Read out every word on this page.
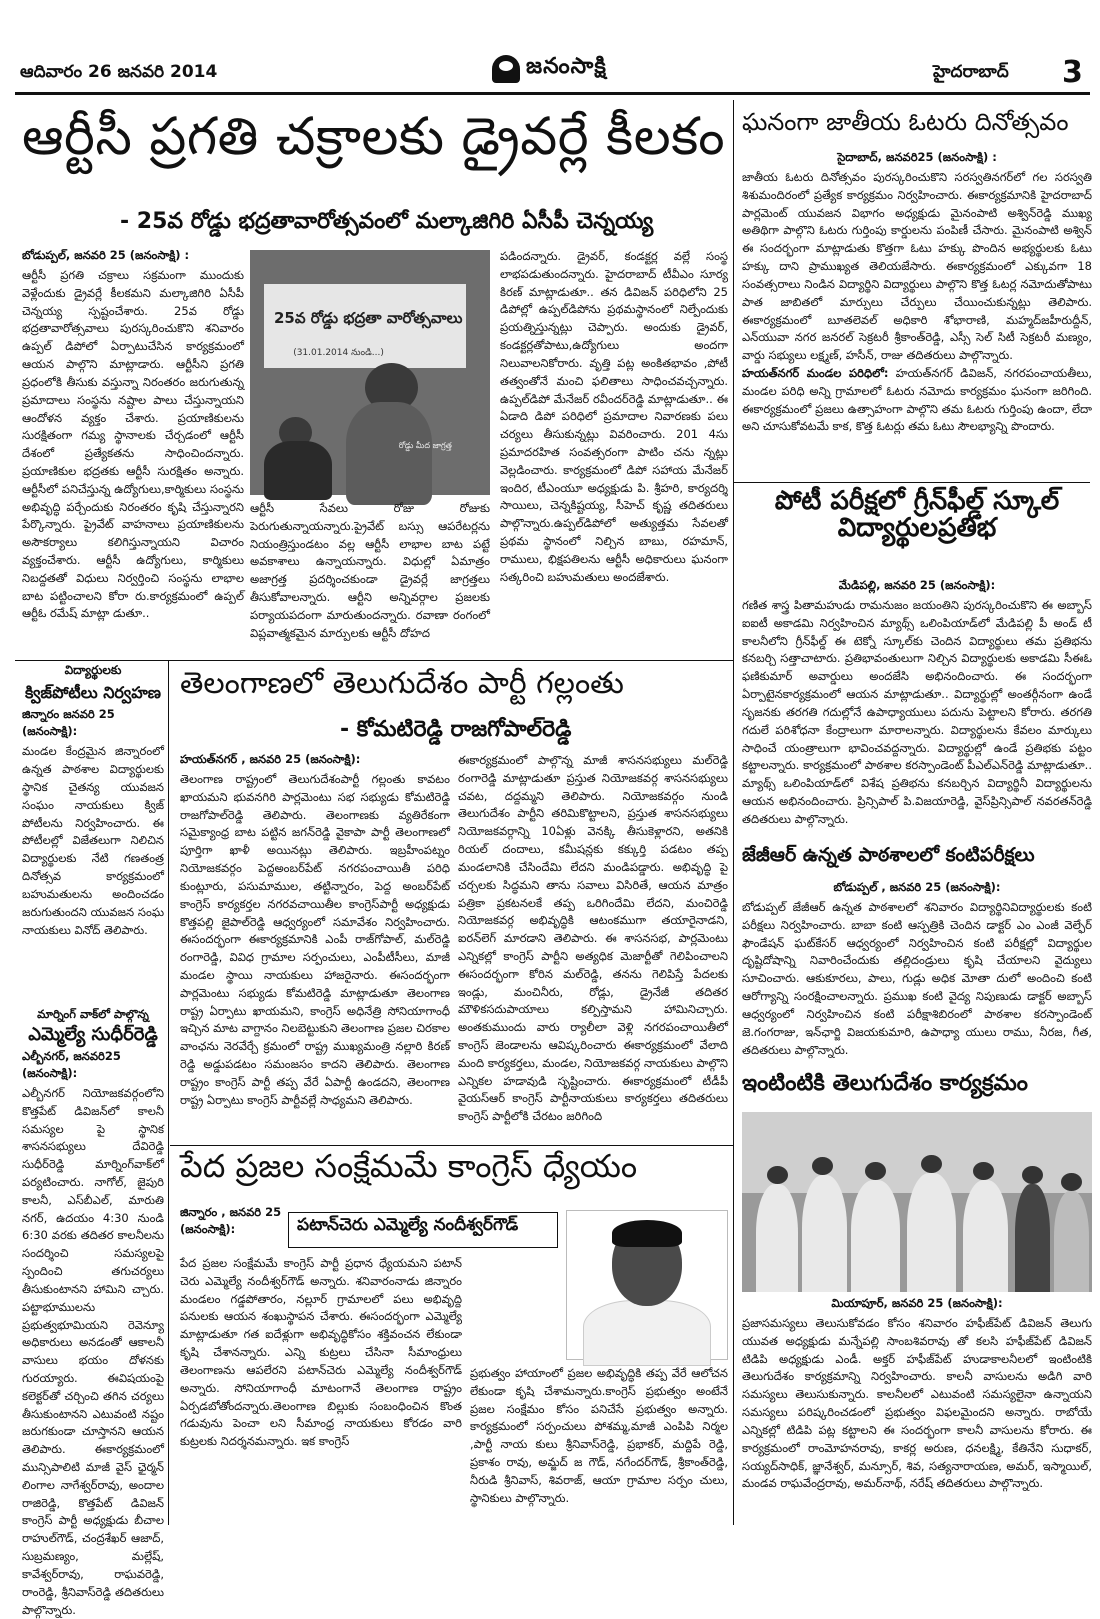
ఆదివారం 26 జనవరి 2014	జనంసాక్షి	హైదరాబాద్ 3
ఆర్టీసీ ప్రగతి చక్రాలకు డ్రైవర్లే కీలకం
- 25వ రోడ్డు భద్రతావారోత్సవంలో మల్కాజిగిరి ఏసీపీ చెన్నయ్య
బోడుప్పల్, జనవరి 25 (జనంసాక్షి) :
ఆర్టీసీ ప్రగతి చక్రాలు సక్రమంగా ముందుకు వెళ్లేందుకు డ్రైవర్లే కీలకమని మల్కాజిగిరి ఏసీపీ చెన్నయ్య స్పష్టంచేశారు. 25వ రోడ్డు భద్రతావారోత్సవాలు పురస్కరించుకొని శనివారం ఉప్పల్ డిపోలో ఏర్పాటుచేసిన కార్యక్రమంలో ఆయన పాల్గొని మాట్లాడారు. ఆర్టీసీని ప్రగతి ప్రధంలోకి తీసుకు వస్తున్నా నిరంతరం జరుగుతున్న ప్రమాదాలు సంస్థను నష్టాల పాలు చేస్తున్నాయని ఆందోళన వ్యక్తం చేశారు. ప్రయాణికులను సురక్షితంగా గమ్య స్థానాలకు చేర్చడంలో ఆర్టీసీ దేశంలో ప్రత్యేకతను సాధించిందన్నారు. ప్రయాణికుల భద్రతకు ఆర్టీసీ సురక్షితం అన్నారు. ఆర్టీసీలో పనిచేస్తున్న ఉద్యోగులు,కార్మికులు సంస్థను అభివృద్ధి పర్చేందుకు నిరంతరం కృషి చేస్తున్నారని పేర్కొన్నారు. ప్రైవేట్ వాహనాలు ప్రయాణికులను అసౌకర్యాలు కలిగిస్తున్నాయని విచారం వ్యక్తంచేశారు. ఆర్టీసీ ఉద్యోగులు, కార్మికులు నిబద్దతతో విధులు నిర్వర్తించి సంస్థను లాభాల బాట పట్టించాలని కోరా రు.కార్యక్రమంలో ఉప్పల్ ఆర్టీఓ రమేష్ మాట్లా డుతూ..
25వ రోడ్డు భద్రతా వారోత్సవాలు
(31.01.2014 నుండి...)
రోడ్డు మీద జాగ్రత్త
ఆర్టీసీ సేవలు రోజు రోజుకు పెరుగుతున్నాయన్నారు.ప్రైవేట్ బస్సు ఆపరేటర్లను నియంత్రిస్తుండటం వల్ల ఆర్టీసీ లాభాల బాట పట్టే అవకాశాలు ఉన్నాయన్నారు. విధుల్లో ఏమాత్రం అజాగ్రత్త ప్రదర్శించకుండా డ్రైవర్లే జాగ్రత్తలు తీసుకోవాలన్నారు. ఆర్టీని అన్నివర్గాల ప్రజలకు పర్యాయపదంగా మారుతుందన్నారు. రవాణా రంగంలో విప్లవాత్మకమైన మార్పులకు ఆర్టీసీ దోహద
పడిందన్నారు. డ్రైవర్, కండక్టర్ల వల్లే సంస్థ లాభపడుతుందన్నారు. హైదరాబాద్ టీవీఎం సూర్య కిరణ్ మాట్లాడుతూ.. తన డివిజన్ పరిధిలోని 25 డిపోల్లో ఉప్పల్‌డిపోను ప్రథమస్థానంలో నిల్పేందుకు ప్రయత్నిస్తున్నట్లు చెప్పారు. అందుకు డ్రైవర్, కండక్టర్లతోపాటు,ఉద్యోగులు అందగా నిలువాలనికోరారు. వృత్తి పట్ల అంకితభావం ,పోటీ తత్వంతోనే మంచి ఫలితాలు సాధించవచ్చన్నారు. ఉప్పల్‌డిపో మేనేజర్ రవీందర్‌రెడ్డి మాట్లాడుతూ.. ఈ ఏడాది డిపో పరిధిలో ప్రమాదాల నివారణకు పలు చర్యలు తీసుకున్నట్లు వివరించారు. 201 4సు ప్రమాదరహిత సంవత్సరంగా పాటిం చను న్నట్లు వెల్లడించారు. కార్యక్రమంలో డిపో సహాయ మేనేజర్ ఇందిర, టీఎంయూ అధ్యక్షుడు పి. శ్రీహరి, కార్యదర్శి సాయిలు, చెన్నకిష్టయ్య, సీహెచ్ కృష్ణ తదితరులు పాల్గొన్నారు.ఉప్పల్‌డిపోలో అత్యుత్తమ సేవలతో ప్రథమ స్థానంలో నిల్చిన బాబు, రహమాన్, రాములు, భిక్షపతిలను ఆర్టీసీ అధికారులు ఘనంగా సత్కరించి బహుమతులు అందజేశారు.
విద్యార్థులకు
క్విజ్‌పోటీలు నిర్వహణ
జిన్నారం జనవరి 25 (జనంసాక్షి):
మండల కేంద్రమైన జిన్నారంలో ఉన్నత పాఠశాల విద్యార్థులకు స్థానిక చైతన్య యువజన సంఘం నాయకులు క్విజ్ పోటీలను నిర్వహించారు. ఈ పోటీలల్లో విజేతలుగా నిలిచిన విద్యార్థులకు నేటి గణతంత్ర దినోత్సవ కార్యక్రమంలో బహుమతులను అందించడం జరుగుతుందని యువజన సంఘ నాయకులు వినోద్ తెలిపారు.
మార్నింగ్ వాక్‌లో పాల్గొన్న
ఎమ్మెల్యే సుధీర్‌రెడ్డి
ఎల్బీనగర్, జనవరి25 (జనంసాక్షి):
ఎల్బీనగర్ నియోజకవర్గంలోని కొత్తపేట్ డివిజన్‌లో కాలనీ సమస్యల పై స్థానిక శాసనసభ్యులు దేవిరెడ్డి సుధీర్‌రెడ్డి మార్నింగ్‌వాక్‌లో పర్యటించారు. నాగోల్, జైపురి కాలనీ, ఎస్‌బీఎల్, మారుతి నగర్, ఉదయం 4:30 నుండి 6:30 వరకు తదితర కాలనీలను సందర్శించి సమస్యలపై స్పందించి తగుచర్యలు తీసుకుంటానని హామిని చ్చారు. పట్టాభూములను ప్రభుత్వభూమియని రెవెన్యూ అధికారులు అనడంతో ఆకాలనీ వాసులు భయం దోళనకు గురయ్యారు. ఈవిషయంపై కలెక్టర్‌తో చర్చించి తగిన చర్యలు తీసుకుంటానని ఎటువంటి నష్టం జరుగకుండా చూస్తానని ఆయన తెలిపారు. ఈకార్యక్రమంలో మున్సిపాలిటి మాజీ వైస్ ఛైర్మన్ లింగాల నాగేశ్వర్‌రావు, అందాల రాజిరెడ్డి, కొత్తపేట్ డివిజన్ కాంగ్రెస్ పార్టీ అధ్యక్షుడు బీచాల రాహుల్‌గౌడ్, చంద్రశేఖర్ ఆజాద్, సుబ్రమణ్యం, మల్లేష్, కావేశ్వర్‌రావు, రాఘవరెడ్డి, రాంరెడ్డి, శ్రీనివాస్‌రెడ్డి తదితరులు పాల్గొన్నారు.
తెలంగాణలో తెలుగుదేశం పార్టీ గల్లంతు
- కోమటిరెడ్డి రాజగోపాల్‌రెడ్డి
హయత్‌నగర్ , జనవరి 25 (జనంసాక్షి):
తెలంగాణ రాష్ట్రంలో తెలుగుదేశంపార్టీ గల్లంతు కావటం ఖాయమని భువనగిరి పార్లమెంటు సభ సభ్యుడు కోమటిరెడ్డి రాజగోపాల్‌రెడ్డి తెలిపారు. తెలంగాణకు వ్యతిరేకంగా సమైక్యాంధ్ర బాట పట్టిన జగన్‌రెడ్డి వైకాపా పార్టీ తెలంగాణలో పూర్తిగా ఖాళీ అయినట్లు తెలిపారు. ఇబ్రహీంపట్నం నియోజకవర్గం పెద్దఅంబర్‌పేట్ నగరపంచాయితీ పరిధి కుంట్లూరు, పసుమాముల, తట్టిన్నారం, పెద్ద అంబర్‌పేట్ కాంగ్రెస్ కార్యకర్తల నగరవచాయితీల కాంగ్రెస్‌పార్టీ అధ్యక్షుడు కొత్తపల్లి జైపాల్‌రెడ్డి ఆధ్వర్యంలో సమావేశం నిర్వహించారు. ఈసందర్భంగా ఈకార్యక్రమానికి ఎంపీ రాజ్‌గోపాల్, మల్‌రెడ్డి రంగారెడ్డి, వివిధ గ్రామాల సర్పంచులు, ఎంపీటీసీలు, మాజీ మండల స్థాయి నాయకులు హాజరైనారు. ఈసందర్భంగా పార్లమెంటు సభ్యుడు కోమటిరెడ్డి మాట్లాడుతూ తెలంగాణ రాష్ట్ర ఏర్పాటు ఖాయమని, కాంగ్రెస్ అధినేత్రి సోనియాగాంధీ ఇచ్చిన మాట వాగ్దానం నిలబెట్టుకుని తెలంగాణ ప్రజల చిరకాల వాంఛను నెరవేర్చే క్రమంలో రాష్ట్ర ముఖ్యమంత్రి నల్లారి కిరణ్ రెడ్డి అడ్డుపడటం సమంజసం కాదని తెలిపారు. తెలంగాణ రాష్ట్రం కాంగ్రెస్ పార్టీ తప్ప వేరే ఏపార్టీ ఉండదని, తెలంగాణ రాష్ట్ర ఏర్పాటు కాంగ్రెస్ పార్టీవల్లే సాధ్యమని తెలిపారు.
ఈకార్యక్రమంలో పాల్గొన్న మాజీ శాసనసభ్యులు మల్‌రెడ్డి రంగారెడ్డి మాట్లాడుతూ ప్రస్తుత నియోజకవర్గ శాసనసభ్యులు చవట, దద్దమ్మని తెలిపారు. నియోజకవర్గం నుండి తెలుగుదేశం పార్టీని తరిమికొట్టాలని, ప్రస్తుత శాసనసభ్యులు నియోజకవర్గాన్ని 10ఏళ్లు వెనక్కి తీసుకెళ్లారని, అతనికి రియల్ దందాలు, కమీషన్లకు కక్కుర్తి పడటం తప్ప మండలానికి చేసిందేమి లేదని మండిపడ్డారు. అభివృద్ధి పై చర్చలకు సిద్ధమని తాను సవాలు విసిరితే, ఆయన మాత్రం పత్రికా ప్రకటనలకే తప్ప ఒరిగిందేమి లేదని, మంచిరెడ్డి నియోజకవర్గ అభివృద్ధికి ఆటంకముగా తయారైనాడని, ఐరన్‌లెగ్ మారడాని తెలిపారు. ఈ శాసనసభ, పార్లమెంటు ఎన్నికల్లో కాంగ్రెస్ పార్టీని అత్యధిక మెజార్టీతో గెలిపించాలని ఈసందర్భంగా కోరిన మల్‌రెడ్డి, తనను గెలిపిస్తే పేదలకు ఇండ్లు, మంచినీరు, రోడ్లు, డ్రైనేజీ తదితర మౌళికసదుపాయాలు కల్పిస్తామని హామినిచ్చారు. అంతకుముందు వారు ర్యాలీలా వెళ్లి నగరపంచాయితీలో కాంగ్రెస్ జెండాలను ఆవిష్కరించారు ఈకార్యక్రమంలో వేలాది మంది కార్యకర్తలు, మండల, నియోజకవర్గ నాయకులు పాల్గొని ఎన్నికల హడావుడి సృష్టించారు. ఈకార్యక్రమంలో టీడీపీ వైయస్‌ఆర్ కాంగ్రెస్ పార్టీనాయకులు కార్యకర్తలు తదితరులు కాంగ్రెస్ పార్టీలోకి చేరటం జరిగింది
పేద ప్రజల సంక్షేమమే కాంగ్రెస్ ధ్యేయం
జిన్నారం , జనవరి 25 (జనంసాక్షి):	పటాన్‌చెరు ఎమ్మెల్యే నందీశ్వర్‌గౌడ్
పేద ప్రజల సంక్షేమమే కాంగ్రెస్ పార్టీ ప్రధాన ధ్యేయమని పటాన్ చెరు ఎమ్మెల్యే నందీశ్వర్‌గౌడ్ అన్నారు. శనివారంనాడు జిన్నారం మండలం గడ్డపోతారం, నల్లూర్ గ్రామాలలో పలు అభివృద్ది పనులకు ఆయన శంఖుస్థాపన చేశారు. ఈసందర్భంగా ఎమ్మెల్యే మాట్లాడుతూ గత ఐదేళ్లుగా అభివృద్ధికోసం శక్తివంచన లేకుండా కృషి చేశానన్నారు. ఎన్ని కుట్రలు చేసినా సీమాంధ్రులు తెలంగాణను ఆపలేరని పటాన్‌చెరు ఎమ్మెల్యే నందీశ్వర్‌గౌడ్ అన్నారు. సోనియాగాంధీ మాటంగానే తెలంగాణ రాష్ట్రం ఏర్పడబోతోందన్నారు.తెలంగాణ బిల్లుకు సంబంధించిన కొంత గడువును పెంచా లని సీమాంధ్ర నాయకులు కోరడం వారి కుట్రలకు నిదర్శనమన్నారు. ఇక కాంగ్రెస్
ప్రభుత్వం హాయాంలో ప్రజల అభివృద్ధికి తప్ప వేరే ఆలోచన లేకుండా కృషి చేశామన్నారు.కాంగ్రెస్ ప్రభుత్వం అంటేనే ప్రజల సంక్షేమం కోసం పనిచేసే ప్రభుత్వం అన్నారు. కార్యక్రమంలో సర్పంచులు పోశమ్మ,మాజీ ఎంపిపి నిర్మల ,పార్టీ నాయ కులు శ్రీనివాస్‌రెడ్డి, ప్రభాకర్, మద్దిపే రెడ్డి, ప్రకాశం రావు, అమ్జద్‌ జ గౌడ్, నగేందర్‌గౌడ్, శ్రీకాంత్‌రెడ్డి, నీరుడి శ్రీనివాస్, శివరాజ్, ఆయా గ్రామాల సర్పం చులు, స్థానికులు పాల్గొన్నారు.
ఘనంగా జాతీయ ఓటరు దినోత్సవం
సైదాబాద్, జనవరి25 (జనంసాక్షి) :
జాతీయ ఓటరు దినోత్సవం పురస్కరించుకొని సరస్వతినగర్‌లో గల సరస్వతి శిశుమందిరంలో ప్రత్యేక కార్యక్రమం నిర్వహించారు. ఈకార్యక్రమానికి హైదరాబాద్ పార్లమెంట్ యువజన విభాగం అధ్యక్షుడు మైనంపాటి అశ్విన్‌రెడ్డి ముఖ్య అతిథిగా పాల్గొని ఓటరు గుర్తింపు కార్డులను పంపిణీ చేసారు. మైనంపాటి అశ్విన్ ఈ సందర్భంగా మాట్లాడుతు కొత్తగా ఓటు హక్కు పొందిన అభ్యర్థులకు ఓటు హక్కు దాని ప్రాముఖ్యత తెలియజేసారు. ఈకార్యక్రమంలో ఎక్కువగా 18 సంవత్సరాలు నిండిన విద్యార్థిని విద్యార్థులు పాల్గొని కొత్త ఓటర్ల నమోదుతోపాటు పాత జాబితలో మార్పులు చేర్పులు చేయించుకున్నట్లు తెలిపారు. ఈకార్యక్రమంలో బూతలెవల్ అధికారి శోభారాణి, మహ్మద్‌జహీరుద్దీన్, ఎన్‌యువా నగర జనరల్ సెక్రటరీ శ్రీకాంత్‌రెడ్డి, ఎస్సీ సెల్ సిటీ సెక్రటరీ మణ్యం, వార్డు సభ్యులు లక్ష్మణ్, హసీన్, రాజు తదితరులు పాల్గొన్నారు.
హయత్‌నగర్ మండల పరిధిలో: హయత్‌నగర్ డివిజన్, నగరపంచాయతీలు, మండల పరిధి అన్ని గ్రామాలలో ఓటరు నమోదు కార్యక్రమం ఘనంగా జరిగింది. ఈకార్యక్రమంలో ప్రజలు ఉత్సాహంగా పాల్గొని తమ ఓటరు గుర్తింపు ఉందా, లేదా అని చూసుకోవటమే కాక, కొత్త ఓటర్లు తమ ఓటు సౌలభ్యాన్ని పొందారు.
పోటీ పరీక్షలో గ్రీన్‌ఫీల్డ్ స్కూల్ విద్యార్థులప్రతిభ
మేడిపల్లి, జనవరి 25 (జనంసాక్షి):
గణిత శాస్త్ర పితామహుడు రామనుజం జయంతిని పురస్కరించుకొని ఈ అబ్బాస్ ఐఐటీ అకాడమి నిర్వహించిన మ్యాథ్స్ ఒలింపియాడ్‌లో మేడిపల్లి పీ అండ్ టీ కాలనీలోని గ్రీన్‌ఫీల్డ్ ఈ టెక్నో స్కూల్‌కు చెందిన విద్యార్థులు తమ ప్రతిభను కనబర్చి సత్తాచాటారు. ప్రతిభావంతులుగా నిల్చిన విద్యార్థులకు అకాడమి సీఈఓ ఫణికుమార్ అవార్డులు అందజేసి అభినందించారు. ఈ సందర్భంగా ఏర్పాటైనకార్యక్రమంలో ఆయన మాట్లాడుతూ.. విద్యార్థుల్లో అంతర్గీనంగా ఉండే సృజనకు తరగతి గదుల్లోనే ఉపాధ్యాయులు పదును పెట్టాలని కోరారు. తరగతి గదులే పరిశోధనా కేంద్రాలుగా మారాలన్నారు. విద్యార్థులను కేవలం మార్కులు సాధించే యంత్రాలుగా భావించవద్దన్నారు. విద్యార్థుల్లో ఉండే ప్రతిభకు పట్టం కట్టాలన్నారు. కార్యక్రమంలో పాఠశాల కరస్పాండెంట్ పీఎల్ఎన్‌రెడ్డి మాట్లాడుతూ.. మ్యాథ్స్ ఒలింపియాడ్‌లో విశేష ప్రతిభను కనబర్చిన విద్యార్థినీ విద్యార్థులను ఆయన అభినందించారు. ప్రిన్సిపాల్ పి.విజయారెడ్డి, వైస్‌ప్రిన్సిపాల్ నవరతన్‌రెడ్డి తదితరులు పాల్గొన్నారు.
జేజీఆర్ ఉన్నత పాఠశాలలో కంటిపరీక్షలు
బోడుప్పల్ , జనవరి 25 (జనంసాక్షి):
బోడుప్పల్ జేజీఆర్ ఉన్నత పాఠశాలలో శనివారం విద్యార్థినివిద్యార్థులకు కంటి పరీక్షలు నిర్వహించారు. బాబా కంటి ఆస్పత్రికి చెందిన డాక్టర్ ఎం ఎంజీ వెల్ఫేర్ ఫౌండేషన్ ఘట్‌కేసర్ ఆధ్వర్యంలో నిర్వహించిన కంటి పరీక్షల్లో విద్యార్థుల దృష్టిదోషాన్ని నివారించేందుకు తల్లిదండ్రులు కృషి చేయాలని వైద్యులు సూచించారు. ఆకుకూరలు, పాలు, గుడ్లు అధిక మోతా దులో అందించి కంటి ఆరోగ్యాన్ని సంరక్షించాలన్నారు. ప్రముఖ కంటి వైద్య నిపుణుడు డాక్టర్ అబ్బాస్ ఆధ్వర్యంలో నిర్వహించిన కంటి పరీక్షాశిబిరంలో పాఠశాల కరస్పాండెంట్ జె.గంగరాజు, ఇన్‌ఛార్జి విజయకుమారి, ఉపాధ్యా యులు రాము, నీరజ, గీత, తదితరులు పాల్గొన్నారు.
ఇంటింటికి తెలుగుదేశం కార్యక్రమం
మియాపూర్, జనవరి 25 (జనంసాక్షి):
ప్రజాసమస్యలు తెలుసుకోవడం కోసం శనివారం హఫీజ్‌పేట్ డివిజన్ తెలుగు యువత అధ్యక్షుడు మన్నేపల్లి సాంబశివరావు తో కలసి హఫీజ్‌పేట్ డివిజన్ టిడిపి అధ్యక్షుడు ఎండీ. అక్తర్ హఫీజ్‌పేట్ హుడాకాలనీలలో ఇంటింటికి తెలుగుదేశం కార్యక్రమాన్ని నిర్వహించారు. కాలనీ వాసులను అడిగి వారి సమస్యలు తెలుసుకున్నారు. కాలనీలలో ఎటువంటి సమస్యలైనా ఉన్నాయని సమస్యలు పరిష్కరించడంలో ప్రభుత్వం విఫలమైందని అన్నారు. రాబోయే ఎన్నికల్లో టిడిపి పట్ల కట్టాలని ఈ సందర్భంగా కాలనీ వాసులను కోరారు. ఈ కార్యక్రమంలో రాంమోహనరావు, కాకర్ల అరుణ, ధనలక్ష్మి, కేతినేని సుధాకర్, సయ్యద్‌సాధిక్, జ్ఞానేశ్వర్, మన్సూర్, శివ, సత్యనారాయణ, అమర్, ఇస్మాయిల్, మండవ రాఘవేంద్రరావు, అమర్‌నాథ్, నరేష్ తదితరులు పాల్గొన్నారు.
